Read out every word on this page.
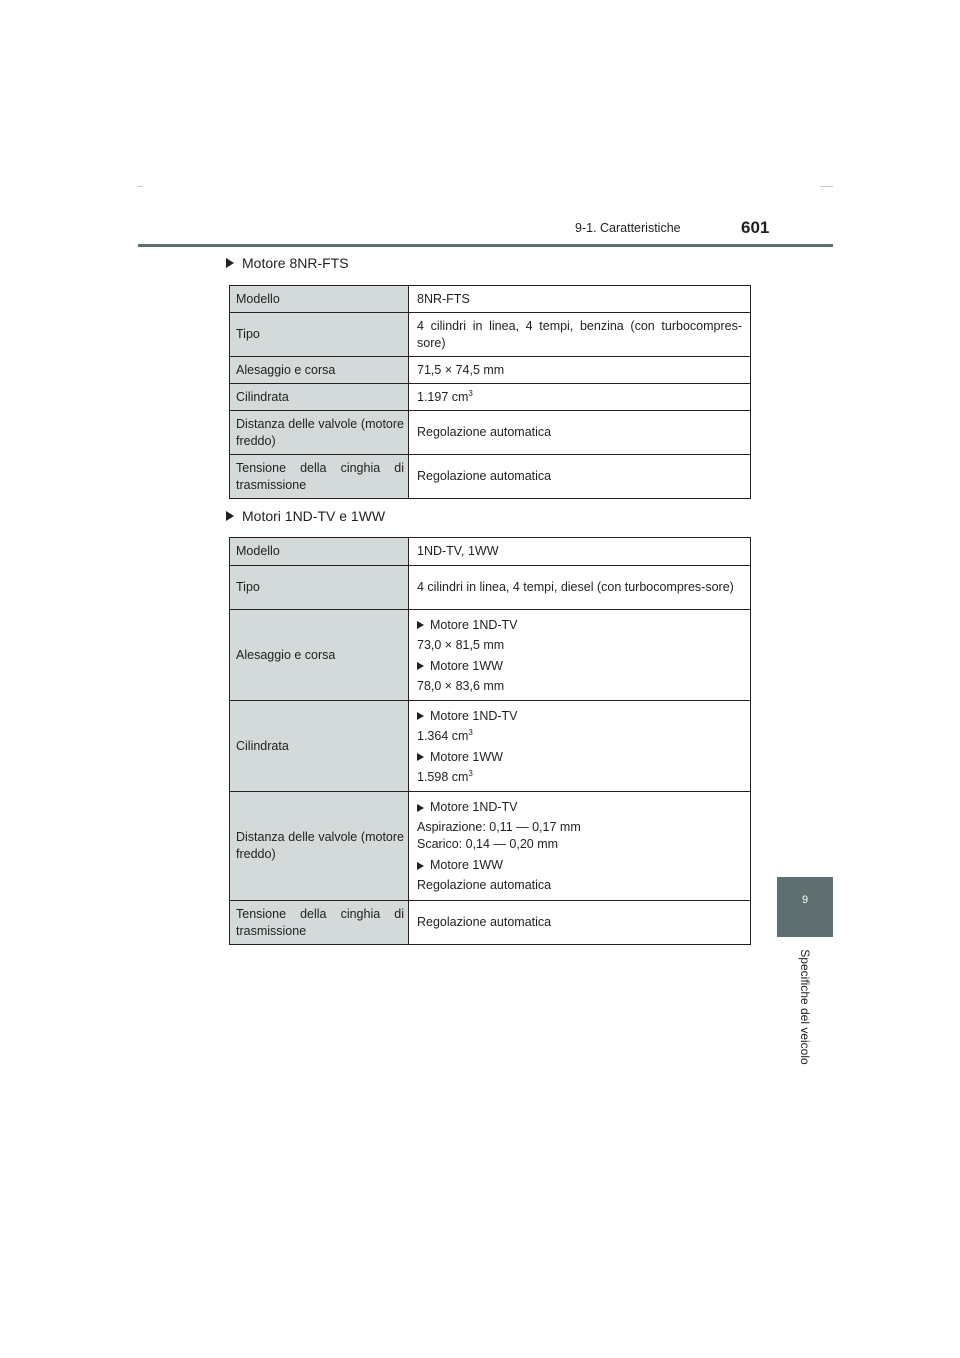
9-1. Caratteristiche	601
9
Specifiche del veicolo
Motore 8NR-FTS
Modello	8NR-FTS
Tipo	4 cilindri in linea, 4 tempi, benzina (con turbocompres-sore)
Alesaggio e corsa	71,5 × 74,5 mm
Cilindrata	1.197 $cm^3$
Distanza delle valvole (motore freddo)	Regolazione automatica
Tensione della cinghia di trasmissione	Regolazione automatica
Motori 1ND-TV e 1WW
Modello	1ND-TV, 1WW
Tipo	4 cilindri in linea, 4 tempi, diesel (con turbocompres-sore)
Alesaggio e corsa	Motore 1ND-TV
73,0 × 81,5 mm
Motore 1WW
78,0 × 83,6 mm

Cilindrata	Motore 1ND-TV
1.364 $cm^3$
Motore 1WW
1.598 $cm^3$

Distanza delle valvole (motore freddo)	Motore 1ND-TV
Aspirazione: 0,11 — 0,17 mm
Scarico: 0,14 — 0,20 mm
Motore 1WW
Regolazione automatica

Tensione della cinghia di trasmissione	Regolazione automatica
